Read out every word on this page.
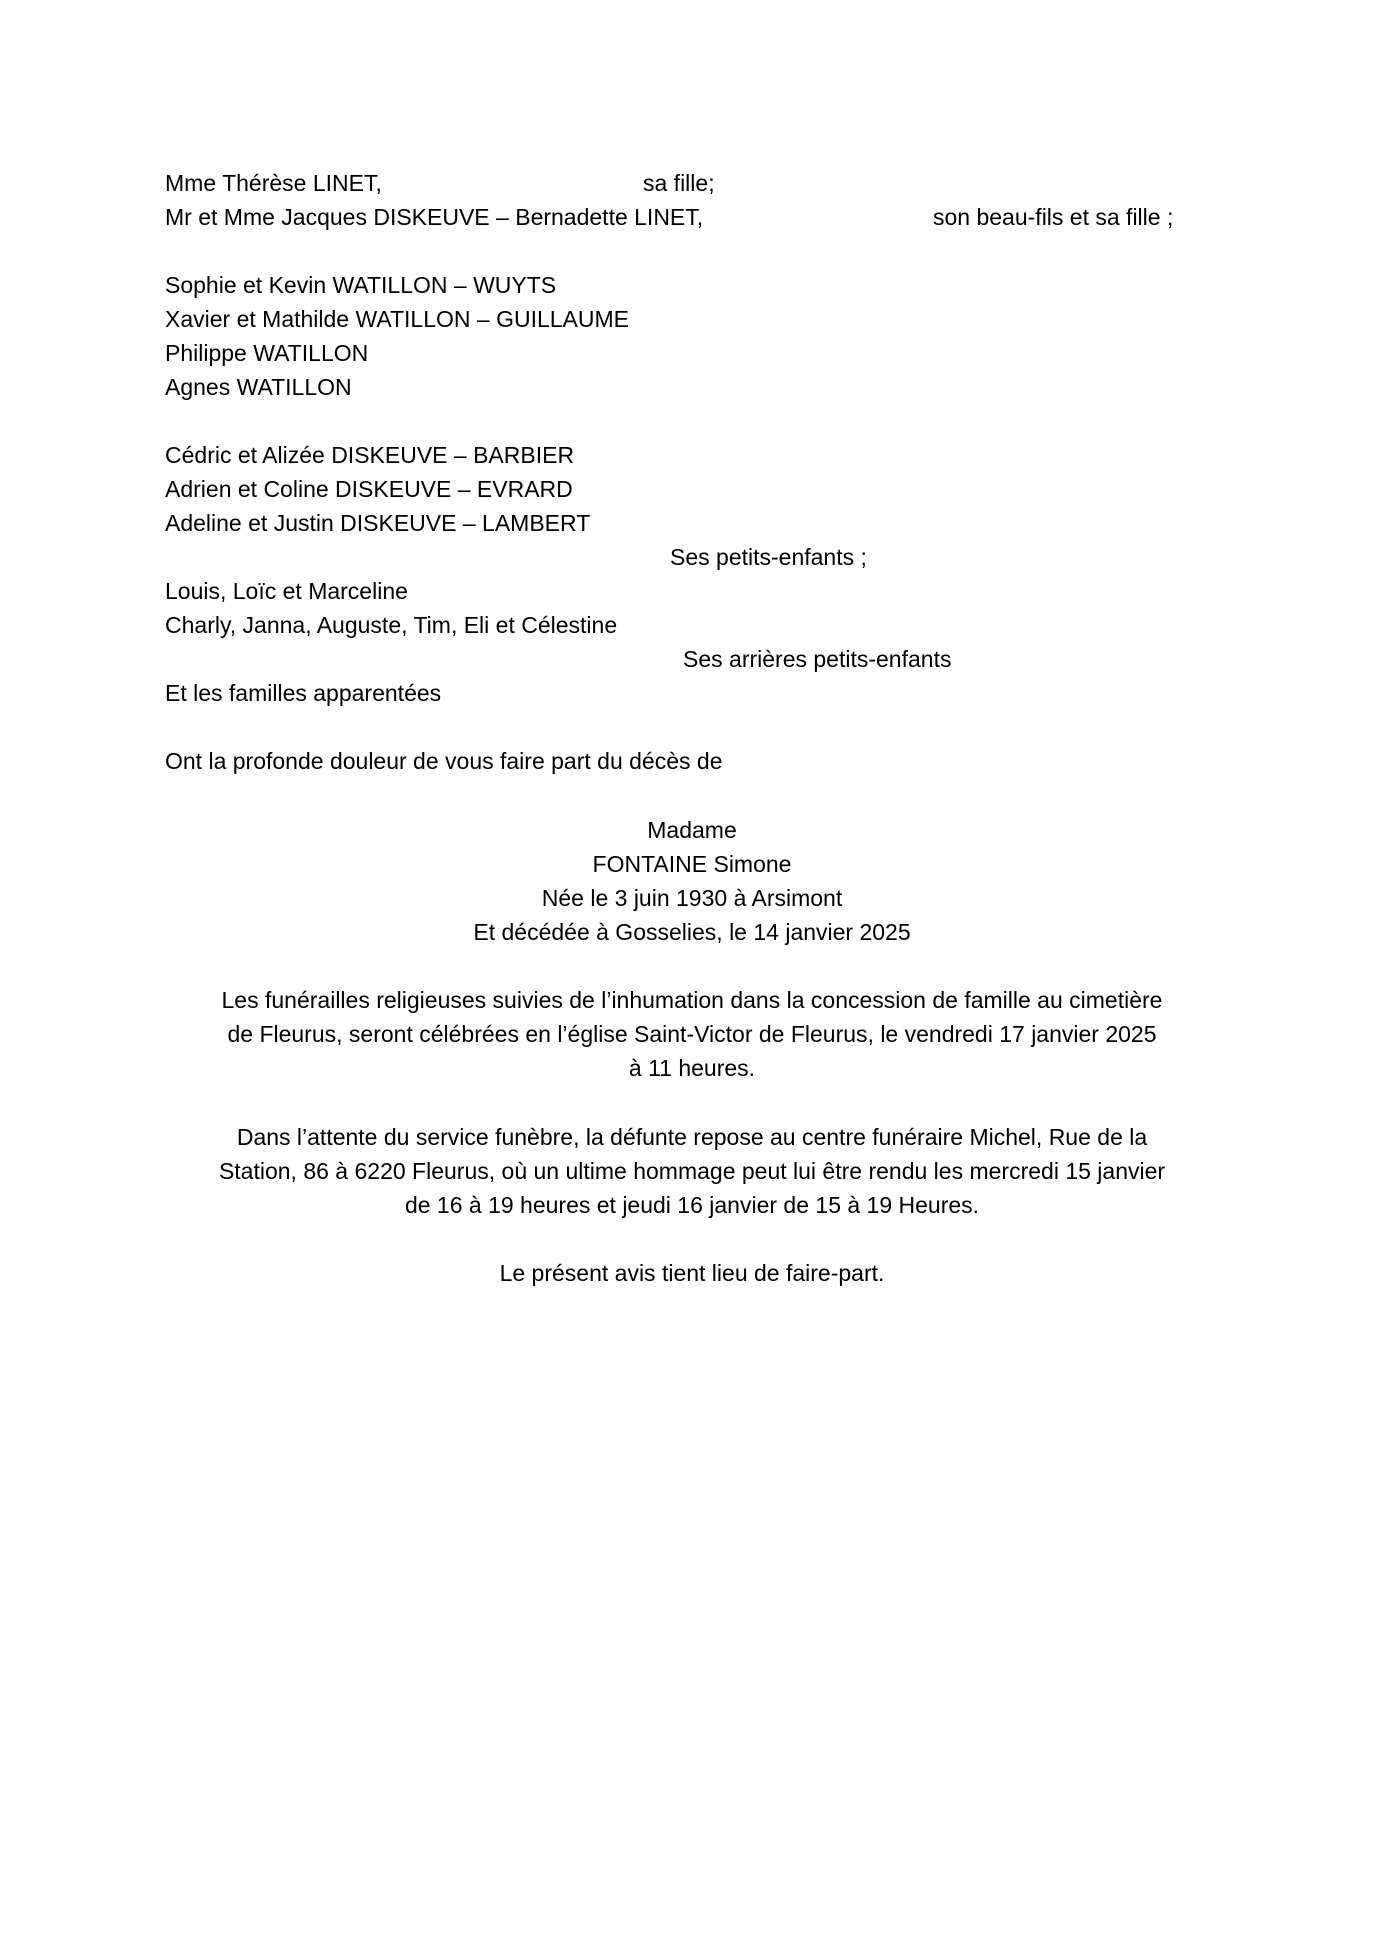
Mme Thérèse LINET,	sa fille;
Mr et Mme Jacques DISKEUVE – Bernadette LINET,	son beau-fils et sa fille ;
Sophie et Kevin WATILLON – WUYTS
Xavier et Mathilde WATILLON – GUILLAUME
Philippe WATILLON
Agnes WATILLON
Cédric et Alizée DISKEUVE – BARBIER
Adrien et Coline DISKEUVE – EVRARD
Adeline et Justin DISKEUVE – LAMBERT
Ses petits-enfants ;
Louis, Loïc et Marceline
Charly, Janna, Auguste, Tim, Eli et Célestine
Ses arrières petits-enfants
Et les familles apparentées
Ont la profonde douleur de vous faire part du décès de
Madame
FONTAINE Simone
Née le 3 juin 1930 à Arsimont
Et décédée à Gosselies, le 14 janvier 2025
Les funérailles religieuses suivies de l’inhumation dans la concession de famille au cimetière
de Fleurus, seront célébrées en l’église Saint-Victor de Fleurus, le vendredi 17 janvier 2025
à 11 heures.
Dans l’attente du service funèbre, la défunte repose au centre funéraire Michel, Rue de la
Station, 86 à 6220 Fleurus, où un ultime hommage peut lui être rendu les mercredi 15 janvier
de 16 à 19 heures et jeudi 16 janvier de 15 à 19 Heures.
Le présent avis tient lieu de faire-part.
